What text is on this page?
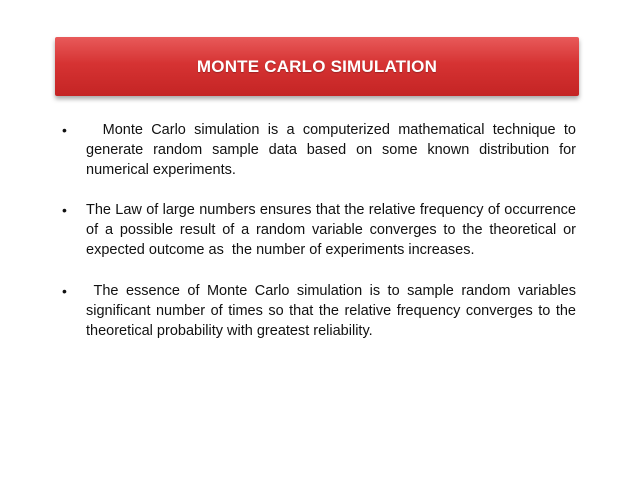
MONTE CARLO SIMULATION
•	Monte Carlo simulation is a computerized mathematical technique to generate random sample data based on some known distribution for numerical experiments.
•	The Law of large numbers ensures that the relative frequency of occurrence of a possible result of a random variable converges to the theoretical or expected outcome as  the number of experiments increases.
•	The essence of Monte Carlo simulation is to sample random variables significant number of times so that the relative frequency converges to the theoretical probability with greatest reliability.
